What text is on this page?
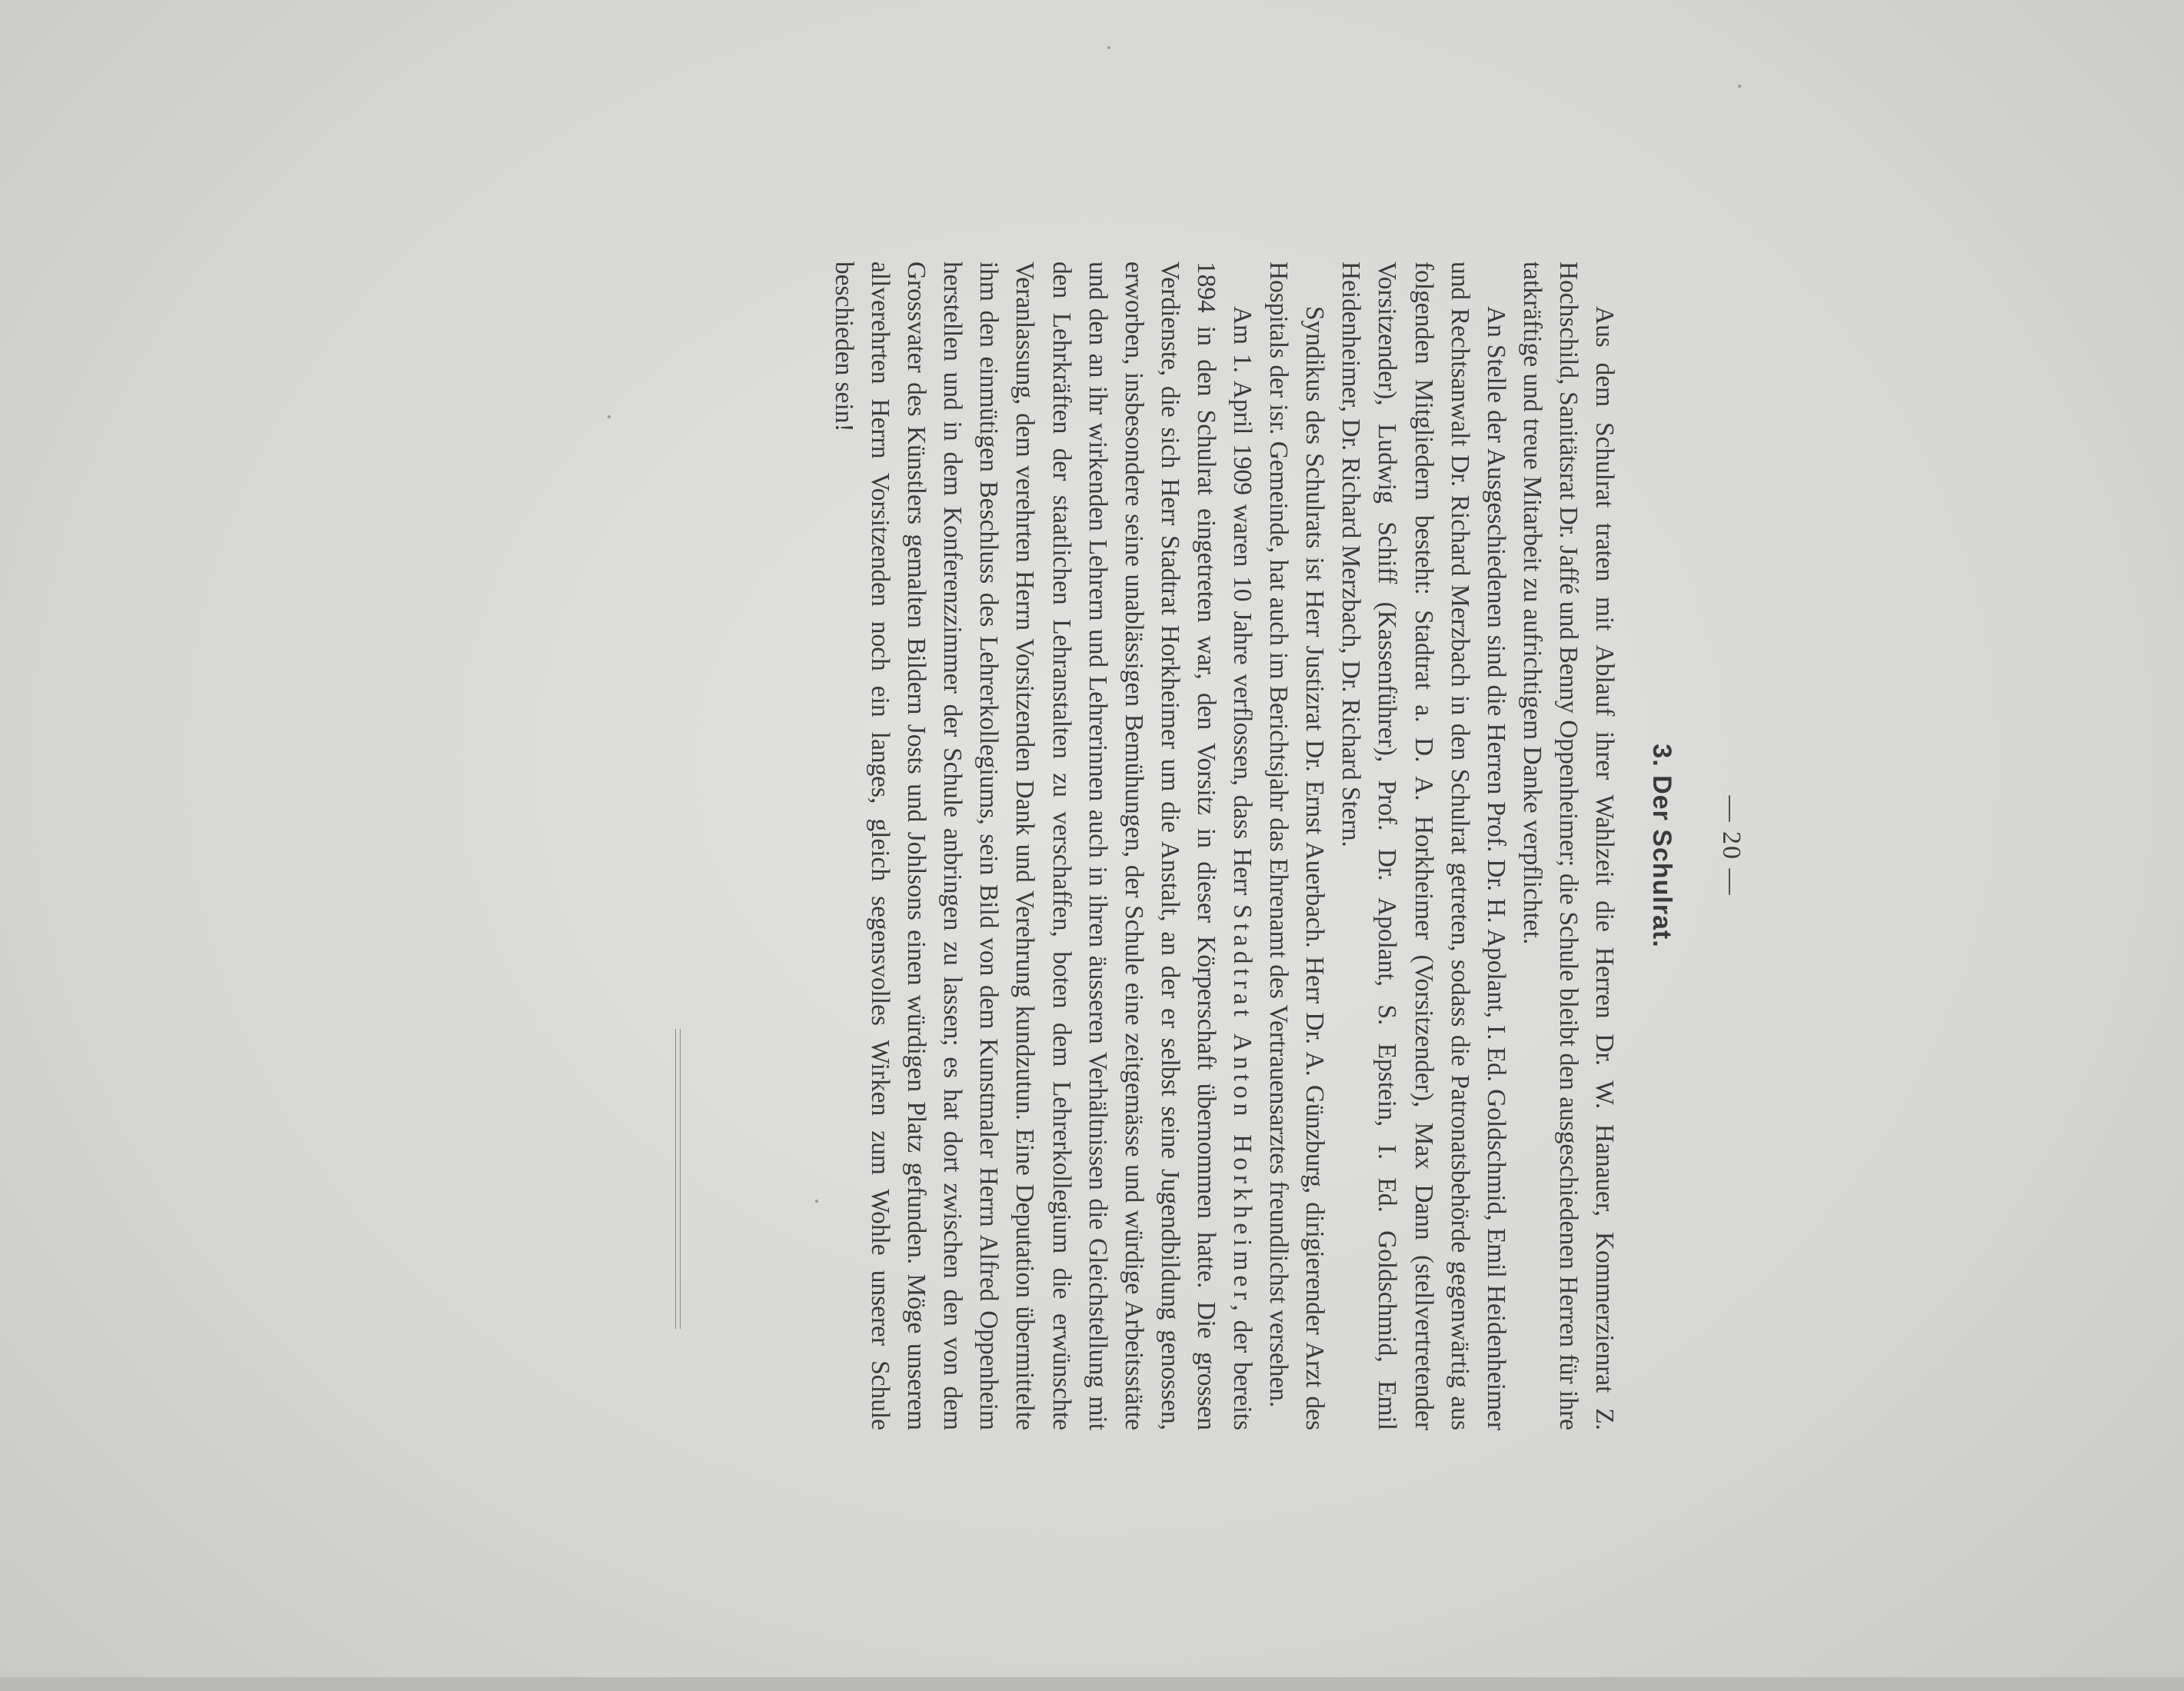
— 20 —
3. Der Schulrat.

Aus dem Schulrat traten mit Ablauf ihrer Wahlzeit die Herren Dr. W. Hanauer, Kommerzienrat Z. Hochschild, Sanitätsrat Dr. Jaffé und Benny Oppenheimer; die Schule bleibt den ausgeschiedenen Herren für ihre tatkräftige und treue Mitarbeit zu aufrichtigem Danke verpflichtet.

An Stelle der Ausgeschiedenen sind die Herren Prof. Dr. H. Apolant, I. Ed. Goldschmid, Emil Heidenheimer und Rechtsanwalt Dr. Richard Merzbach in den Schulrat getreten, sodass die Patronatsbehörde gegenwärtig aus folgenden Mitgliedern besteht: Stadtrat a. D. A. Horkheimer (Vorsitzender), Max Dann (stellvertretender Vorsitzender), Ludwig Schiff (Kassenführer), Prof. Dr. Apolant, S. Epstein, I. Ed. Goldschmid, Emil Heidenheimer, Dr. Richard Merzbach, Dr. Richard Stern.

Syndikus des Schulrats ist Herr Justizrat Dr. Ernst Auerbach. Herr Dr. A. Günzburg, dirigierender Arzt des Hospitals der isr. Gemeinde, hat auch im Berichtsjahr das Ehrenamt des Vertrauensarztes freundlichst versehen.

Am 1. April 1909 waren 10 Jahre verflossen, dass Herr Stadtrat Anton Horkheimer, der bereits 1894 in den Schulrat eingetreten war, den Vorsitz in dieser Körperschaft übernommen hatte. Die grossen Verdienste, die sich Herr Stadtrat Horkheimer um die Anstalt, an der er selbst seine Jugendbildung genossen, erworben, insbesondere seine unablässigen Bemühungen, der Schule eine zeitgemässe und würdige Arbeitsstätte und den an ihr wirkenden Lehrern und Lehrerinnen auch in ihren äusseren Verhältnissen die Gleichstellung mit den Lehrkräften der staatlichen Lehranstalten zu verschaffen, boten dem Lehrerkollegium die erwünschte Veranlassung, dem verehrten Herrn Vorsitzenden Dank und Verehrung kundzutun. Eine Deputation übermittelte ihm den einmütigen Beschluss des Lehrerkollegiums, sein Bild von dem Kunstmaler Herrn Alfred Oppenheim herstellen und in dem Konferenzzimmer der Schule anbringen zu lassen; es hat dort zwischen den von dem Grossvater des Künstlers gemalten Bildern Josts und Johlsons einen würdigen Platz gefunden. Möge unserem allverehrten Herrn Vorsitzenden noch ein langes, gleich segensvolles Wirken zum Wohle unserer Schule beschieden sein!
